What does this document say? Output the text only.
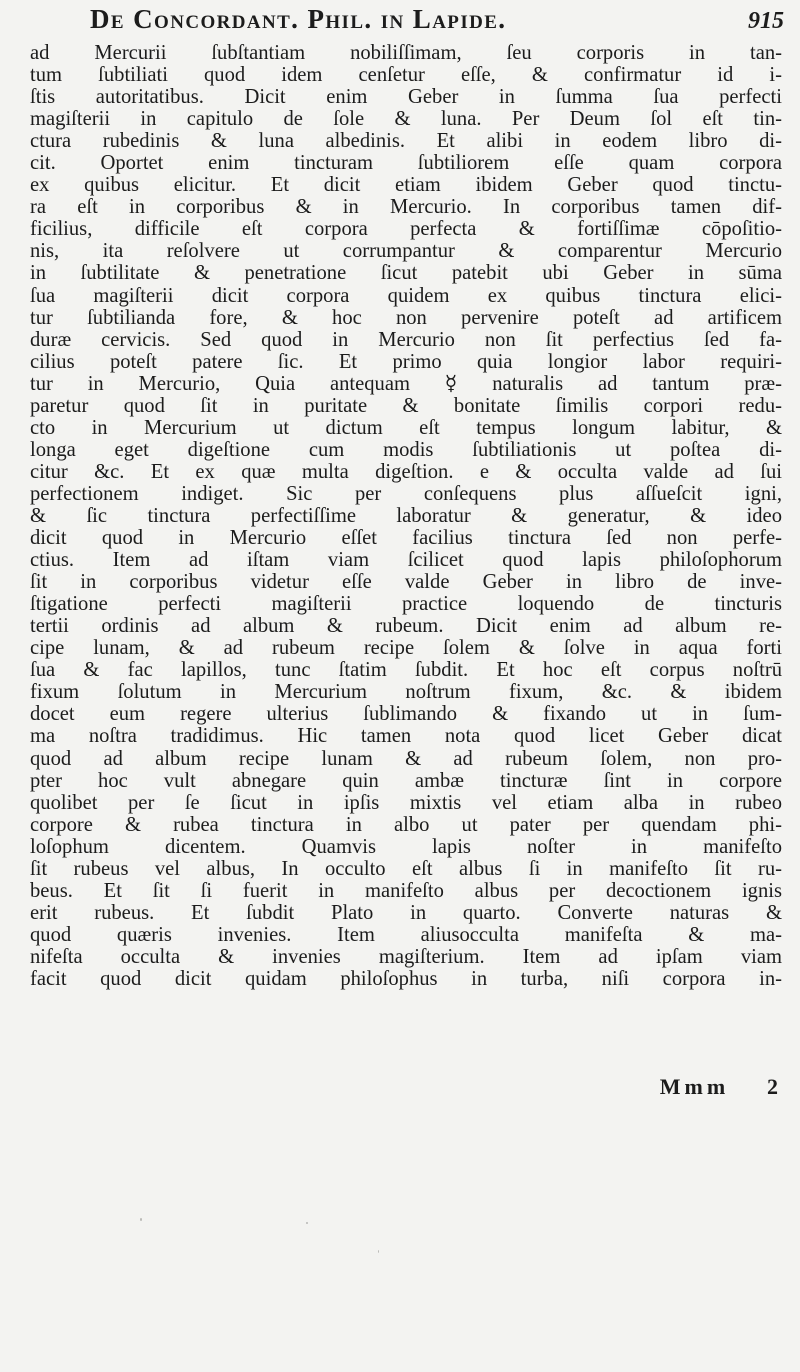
De Concordant. Phil. in Lapide.	915
ad Mercurii ſubſtantiam nobiliſſimam, ſeu corporis in tan-
tum ſubtiliati quod idem cenſetur eſſe, & confirmatur id i-
ſtis autoritatibus. Dicit enim Geber in ſumma ſua perfecti
magiſterii in capitulo de ſole & luna. Per Deum ſol eſt tin-
ctura rubedinis & luna albedinis. Et alibi in eodem libro di-
cit. Oportet enim tincturam ſubtiliorem eſſe quam corpora
ex quibus elicitur. Et dicit etiam ibidem Geber quod tinctu-
ra eſt in corporibus & in Mercurio. In corporibus tamen dif-
ficilius, difficile eſt corpora perfecta & fortiſſimæ cōpoſitio-
nis, ita reſolvere ut corrumpantur & comparentur Mercurio
in ſubtilitate & penetratione ſicut patebit ubi Geber in sūma
ſua magiſterii dicit corpora quidem ex quibus tinctura elici-
tur ſubtilianda fore, & hoc non pervenire poteſt ad artificem
duræ cervicis. Sed quod in Mercurio non ſit perfectius ſed fa-
cilius poteſt patere ſic. Et primo quia longior labor requiri-
tur in Mercurio, Quia antequam ☿ naturalis ad tantum præ-
paretur quod ſit in puritate & bonitate ſimilis corpori redu-
cto in Mercurium ut dictum eſt tempus longum labitur, &
longa eget digeſtione cum modis ſubtiliationis ut poſtea di-
citur &c. Et ex quæ multa digeſtion. e & occulta valde ad ſui
perfectionem indiget. Sic per conſequens plus aſſueſcit igni,
& ſic tinctura perfectiſſime laboratur & generatur, & ideo
dicit quod in Mercurio eſſet facilius tinctura ſed non perfe-
ctius. Item ad iſtam viam ſcilicet quod lapis philoſophorum
ſit in corporibus videtur eſſe valde Geber in libro de inve-
ſtigatione perfecti magiſterii practice loquendo de tincturis
tertii ordinis ad album & rubeum. Dicit enim ad album re-
cipe lunam, & ad rubeum recipe ſolem & ſolve in aqua forti
ſua & fac lapillos, tunc ſtatim ſubdit. Et hoc eſt corpus noſtrū
fixum ſolutum in Mercurium noſtrum fixum, &c. & ibidem
docet eum regere ulterius ſublimando & fixando ut in ſum-
ma noſtra tradidimus. Hic tamen nota quod licet Geber dicat
quod ad album recipe lunam & ad rubeum ſolem, non pro-
pter hoc vult abnegare quin ambæ tincturæ ſint in corpore
quolibet per ſe ſicut in ipſis mixtis vel etiam alba in rubeo
corpore & rubea tinctura in albo ut pater per quendam phi-
loſophum dicentem. Quamvis lapis noſter in manifeſto
ſit rubeus vel albus, In occulto eſt albus ſi in manifeſto ſit ru-
beus. Et ſit ſi fuerit in manifeſto albus per decoctionem ignis
erit rubeus. Et ſubdit Plato in quarto. Converte naturas &
quod quæris invenies. Item aliusocculta manifeſta & ma-
nifeſta occulta & invenies magiſterium. Item ad ipſam viam
facit quod dicit quidam philoſophus in turba, niſi corpora in-
Mmm 2
